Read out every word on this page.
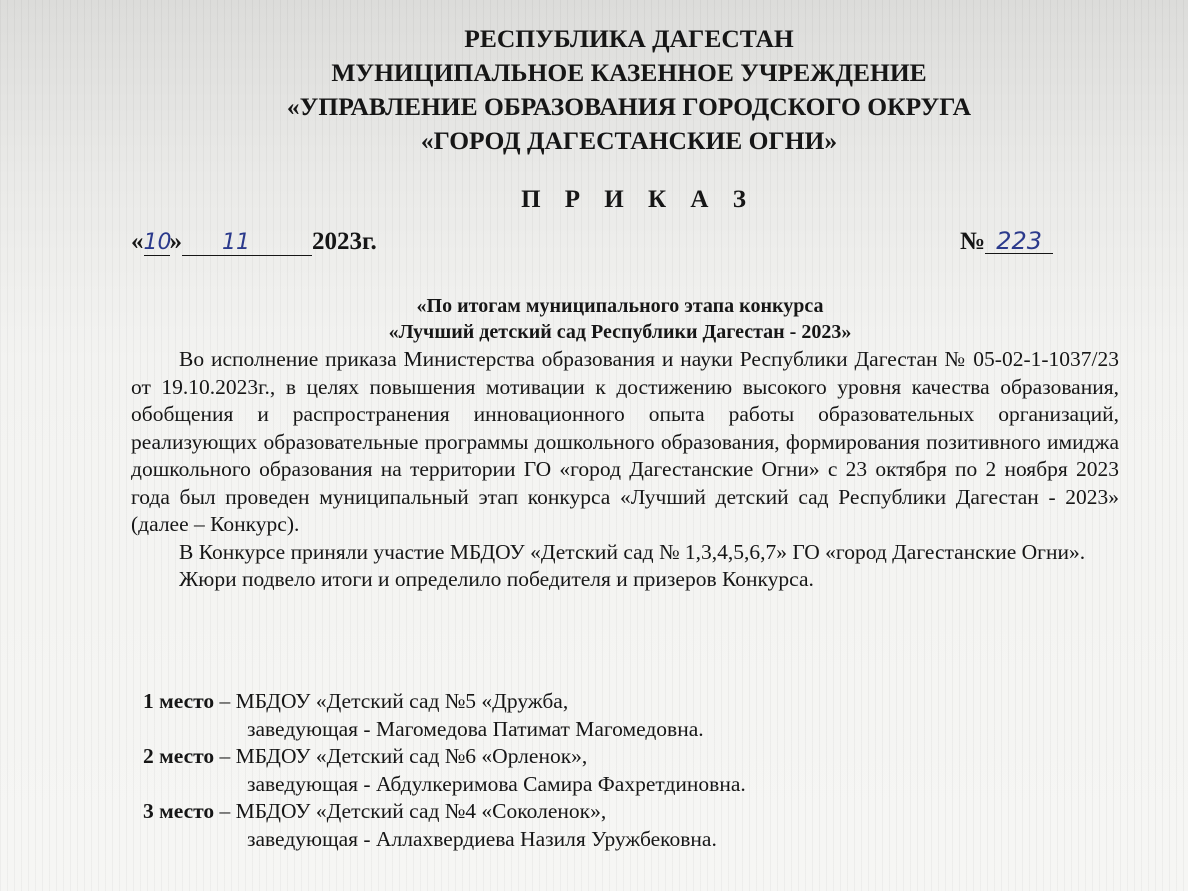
РЕСПУБЛИКА ДАГЕСТАН
МУНИЦИПАЛЬНОЕ КАЗЕННОЕ УЧРЕЖДЕНИЕ
«УПРАВЛЕНИЕ ОБРАЗОВАНИЯ ГОРОДСКОГО ОКРУГА
«ГОРОД ДАГЕСТАНСКИЕ ОГНИ»
П Р И К А З
«10» 11 2023г.	№ 223
«По итогам муниципального этапа конкурса
«Лучший детский сад Республики Дагестан - 2023»

Во исполнение приказа Министерства образования и науки Республики Дагестан № 05-02-1-1037/23 от 19.10.2023г., в целях повышения мотивации к достижению высокого уровня качества образования, обобщения и распространения инновационного опыта работы образовательных организаций, реализующих образовательные программы дошкольного образования, формирования позитивного имиджа дошкольного образования на территории ГО «город Дагестанские Огни» с 23 октября по 2 ноября 2023 года был проведен муниципальный этап конкурса «Лучший детский сад Республики Дагестан - 2023» (далее – Конкурс).

В Конкурсе приняли участие МБДОУ «Детский сад № 1,3,4,5,6,7» ГО «город Дагестанские Огни».

Жюри подвело итоги и определило победителя и призеров Конкурса.

1 место – МБДОУ «Детский сад №5 «Дружба,
заведующая - Магомедова Патимат Магомедовна.
2 место – МБДОУ «Детский сад №6 «Орленок»,
заведующая - Абдулкеримова Самира Фахретдиновна.
3 место – МБДОУ «Детский сад №4 «Соколенок»,
заведующая - Аллахвердиева Назиля Уружбековна.
